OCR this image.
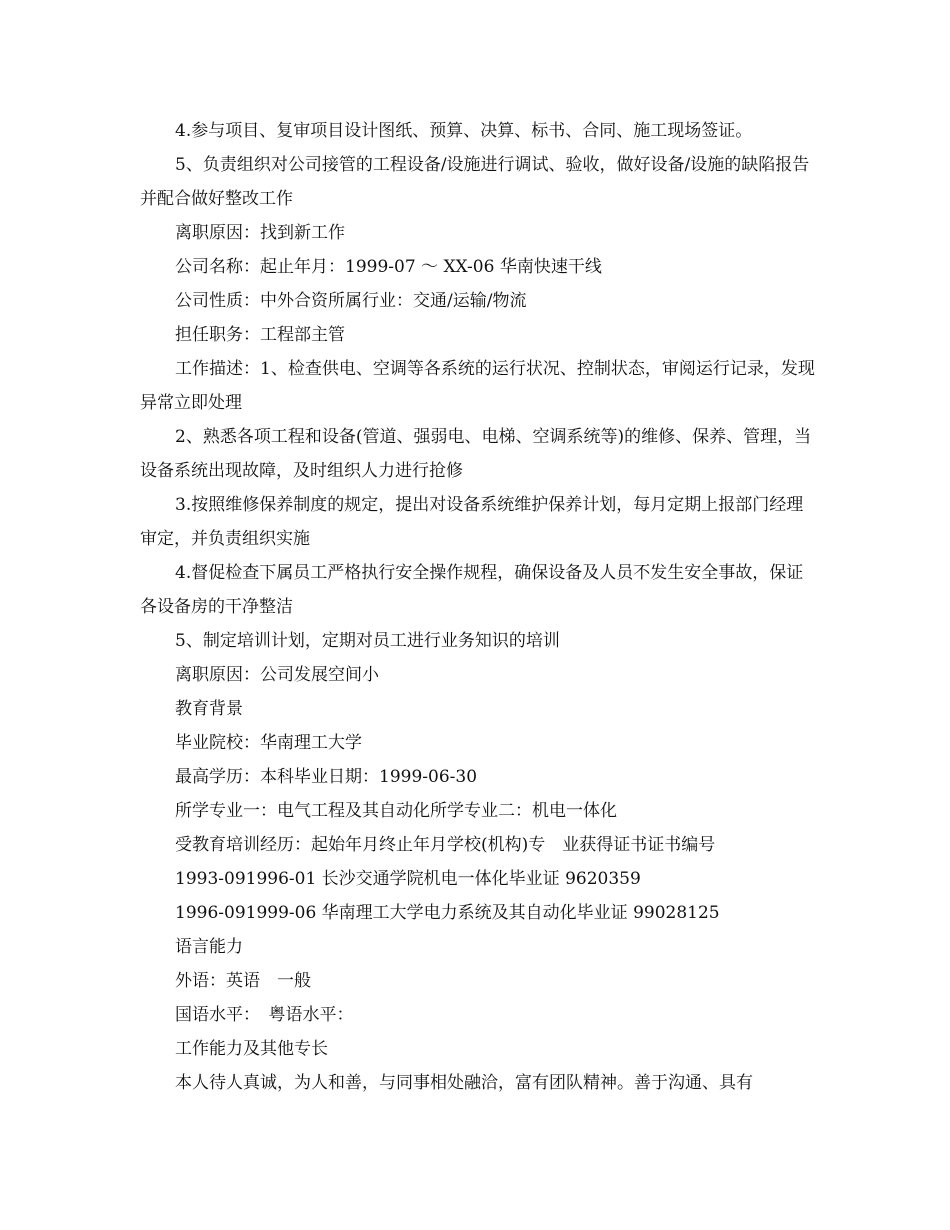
4.参与项目、复审项目设计图纸、预算、决算、标书、合同、施工现场签证。

5、负责组织对公司接管的工程设备/设施进行调试、验收，做好设备/设施的缺陷报告并配合做好整改工作

离职原因：找到新工作

公司名称：起止年月：1999-07 ～ XX-06 华南快速干线

公司性质：中外合资所属行业：交通/运输/物流

担任职务：工程部主管

工作描述：1、检查供电、空调等各系统的运行状况、控制状态，审阅运行记录，发现异常立即处理

2、熟悉各项工程和设备(管道、强弱电、电梯、空调系统等)的维修、保养、管理，当设备系统出现故障，及时组织人力进行抢修

3.按照维修保养制度的规定，提出对设备系统维护保养计划，每月定期上报部门经理审定，并负责组织实施

4.督促检查下属员工严格执行安全操作规程，确保设备及人员不发生安全事故，保证各设备房的干净整洁

5、制定培训计划，定期对员工进行业务知识的培训

离职原因：公司发展空间小

教育背景

毕业院校：华南理工大学

最高学历：本科毕业日期：1999-06-30

所学专业一：电气工程及其自动化所学专业二：机电一体化

受教育培训经历：起始年月终止年月学校(机构)专　业获得证书证书编号

1993-091996-01 长沙交通学院机电一体化毕业证 9620359

1996-091999-06 华南理工大学电力系统及其自动化毕业证 99028125

语言能力

外语：英语　一般

国语水平：　粤语水平：

工作能力及其他专长

本人待人真诚，为人和善，与同事相处融洽，富有团队精神。善于沟通、具有
